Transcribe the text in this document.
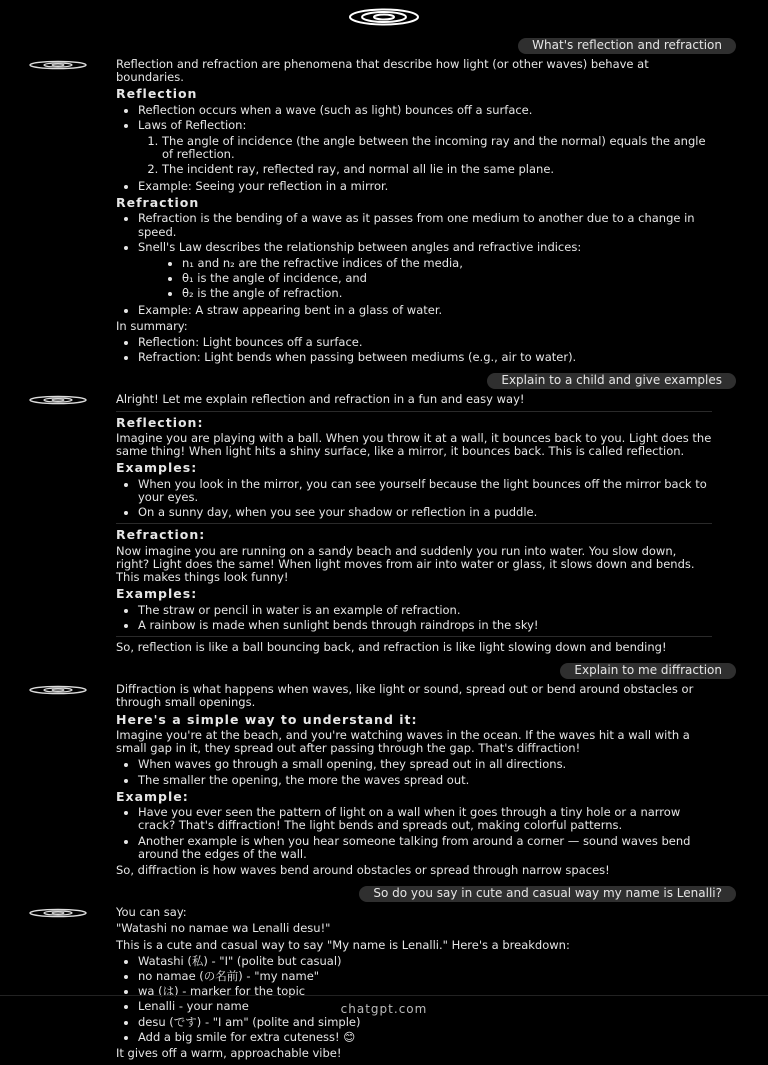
What's reflection and refraction

Reflection and refraction are phenomena that describe how light (or other waves) behave at boundaries.

Reflection
• Reflection occurs when a wave (such as light) bounces off a surface.
• Laws of Reflection:
1. The angle of incidence (the angle between the incoming ray and the normal) equals the angle of reflection.
2. The incident ray, reflected ray, and normal all lie in the same plane.
• Example: Seeing your reflection in a mirror.
Refraction
• Refraction is the bending of a wave as it passes from one medium to another due to a change in speed.
• Snell's Law describes the relationship between angles and refractive indices:
• n₁ and n₂ are the refractive indices of the media,
• θ₁ is the angle of incidence, and
• θ₂ is the angle of refraction.
• Example: A straw appearing bent in a glass of water.

In summary:

• Reflection: Light bounces off a surface.
• Refraction: Light bends when passing between mediums (e.g., air to water).
Explain to a child and give examples

Alright! Let me explain reflection and refraction in a fun and easy way!

Reflection:

Imagine you are playing with a ball. When you throw it at a wall, it bounces back to you. Light does the same thing! When light hits a shiny surface, like a mirror, it bounces back. This is called reflection.

Examples:
• When you look in the mirror, you can see yourself because the light bounces off the mirror back to your eyes.
• On a sunny day, when you see your shadow or reflection in a puddle.
Refraction:

Now imagine you are running on a sandy beach and suddenly you run into water. You slow down, right? Light does the same! When light moves from air into water or glass, it slows down and bends. This makes things look funny!

Examples:
• The straw or pencil in water is an example of refraction.
• A rainbow is made when sunlight bends through raindrops in the sky!

So, reflection is like a ball bouncing back, and refraction is like light slowing down and bending!

Explain to me diffraction

Diffraction is what happens when waves, like light or sound, spread out or bend around obstacles or through small openings.

Here's a simple way to understand it:

Imagine you're at the beach, and you're watching waves in the ocean. If the waves hit a wall with a small gap in it, they spread out after passing through the gap. That's diffraction!

• When waves go through a small opening, they spread out in all directions.
• The smaller the opening, the more the waves spread out.
Example:
• Have you ever seen the pattern of light on a wall when it goes through a tiny hole or a narrow crack? That's diffraction! The light bends and spreads out, making colorful patterns.
• Another example is when you hear someone talking from around a corner — sound waves bend around the edges of the wall.

So, diffraction is how waves bend around obstacles or spread through narrow spaces!

So do you say in cute and casual way my name is Lenalli?

You can say:

"Watashi no namae wa Lenalli desu!"

This is a cute and casual way to say "My name is Lenalli." Here's a breakdown:

• Watashi (私) - "I" (polite but casual)
• no namae (の名前) - "my name"
• wa (は) - marker for the topic
• Lenalli - your name
• desu (です) - "I am" (polite and simple)
• Add a big smile for extra cuteness! 😊

It gives off a warm, approachable vibe!

chatgpt.com
